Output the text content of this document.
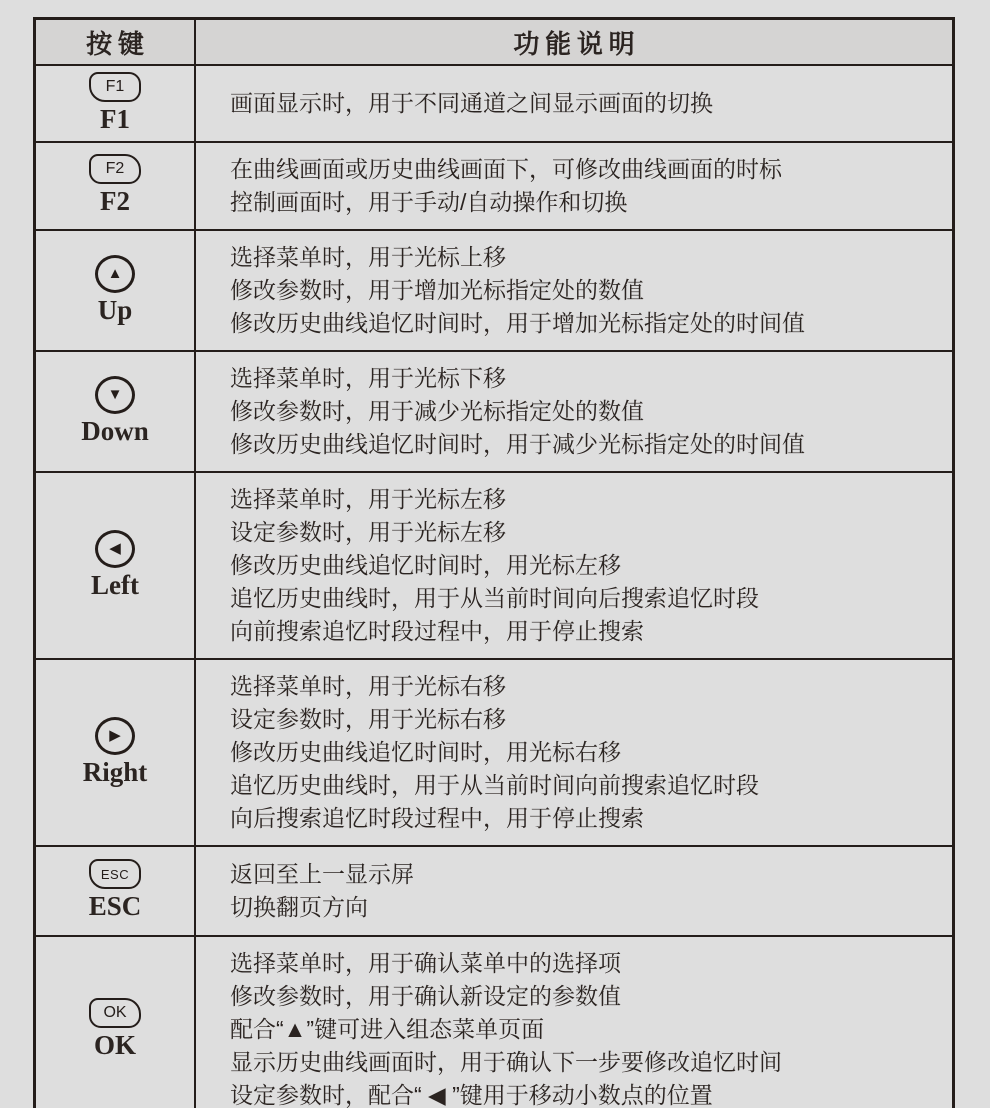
按键	功能说明
F1
F1
画面显示时，用于不同通道之间显示画面的切换
F2
F2
在曲线画面或历史曲线画面下，可修改曲线画面的时标
控制画面时，用于手动/自动操作和切换
▲
Up
选择菜单时，用于光标上移
修改参数时，用于增加光标指定处的数值
修改历史曲线追忆时间时，用于增加光标指定处的时间值
▼
Down
选择菜单时，用于光标下移
修改参数时，用于减少光标指定处的数值
修改历史曲线追忆时间时，用于减少光标指定处的时间值
◀
Left
选择菜单时，用于光标左移
设定参数时，用于光标左移
修改历史曲线追忆时间时，用光标左移
追忆历史曲线时，用于从当前时间向后搜索追忆时段
向前搜索追忆时段过程中，用于停止搜索
▶
Right
选择菜单时，用于光标右移
设定参数时，用于光标右移
修改历史曲线追忆时间时，用光标右移
追忆历史曲线时，用于从当前时间向前搜索追忆时段
向后搜索追忆时段过程中，用于停止搜索
ESC
ESC
返回至上一显示屏
切换翻页方向
OK
OK
选择菜单时，用于确认菜单中的选择项
修改参数时，用于确认新设定的参数值
配合“▲”键可进入组态菜单页面
显示历史曲线画面时，用于确认下一步要修改追忆时间
设定参数时，配合“ ◀ ”键用于移动小数点的位置
